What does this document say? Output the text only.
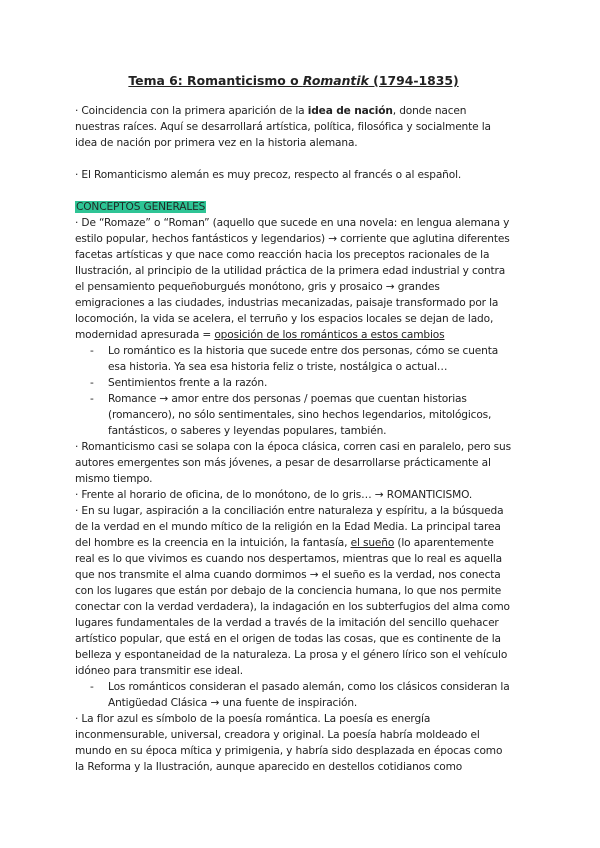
Tema 6: Romanticismo o Romantik (1794-1835)

· Coincidencia con la primera aparición de la idea de nación, donde nacen nuestras raíces. Aquí se desarrollará artística, política, filosófica y socialmente la idea de nación por primera vez en la historia alemana.

· El Romanticismo alemán es muy precoz, respecto al francés o al español.

CONCEPTOS GENERALES

· De “Romaze” o “Roman” (aquello que sucede en una novela: en lengua alemana y estilo popular, hechos fantásticos y legendarios) → corriente que aglutina diferentes facetas artísticas y que nace como reacción hacia los preceptos racionales de la Ilustración, al principio de la utilidad práctica de la primera edad industrial y contra el pensamiento pequeñoburgués monótono, gris y prosaico → grandes emigraciones a las ciudades, industrias mecanizadas, paisaje transformado por la locomoción, la vida se acelera, el terruño y los espacios locales se dejan de lado, modernidad apresurada = oposición de los románticos a estos cambios

- Lo romántico es la historia que sucede entre dos personas, cómo se cuenta esa historia. Ya sea esa historia feliz o triste, nostálgica o actual…
- Sentimientos frente a la razón.
- Romance → amor entre dos personas / poemas que cuentan historias (romancero), no sólo sentimentales, sino hechos legendarios, mitológicos, fantásticos, o saberes y leyendas populares, también.

· Romanticismo casi se solapa con la época clásica, corren casi en paralelo, pero sus autores emergentes son más jóvenes, a pesar de desarrollarse prácticamente al mismo tiempo.

· Frente al horario de oficina, de lo monótono, de lo gris… → ROMANTICISMO.

· En su lugar, aspiración a la conciliación entre naturaleza y espíritu, a la búsqueda de la verdad en el mundo mítico de la religión en la Edad Media. La principal tarea del hombre es la creencia en la intuición, la fantasía, el sueño (lo aparentemente real es lo que vivimos es cuando nos despertamos, mientras que lo real es aquella que nos transmite el alma cuando dormimos → el sueño es la verdad, nos conecta con los lugares que están por debajo de la conciencia humana, lo que nos permite conectar con la verdad verdadera), la indagación en los subterfugios del alma como lugares fundamentales de la verdad a través de la imitación del sencillo quehacer artístico popular, que está en el origen de todas las cosas, que es continente de la belleza y espontaneidad de la naturaleza. La prosa y el género lírico son el vehículo idóneo para transmitir ese ideal.

- Los románticos consideran el pasado alemán, como los clásicos consideran la Antigüedad Clásica → una fuente de inspiración.

· La flor azul es símbolo de la poesía romántica. La poesía es energía inconmensurable, universal, creadora y original. La poesía habría moldeado el mundo en su época mítica y primigenia, y habría sido desplazada en épocas como la Reforma y la Ilustración, aunque aparecido en destellos cotidianos como
